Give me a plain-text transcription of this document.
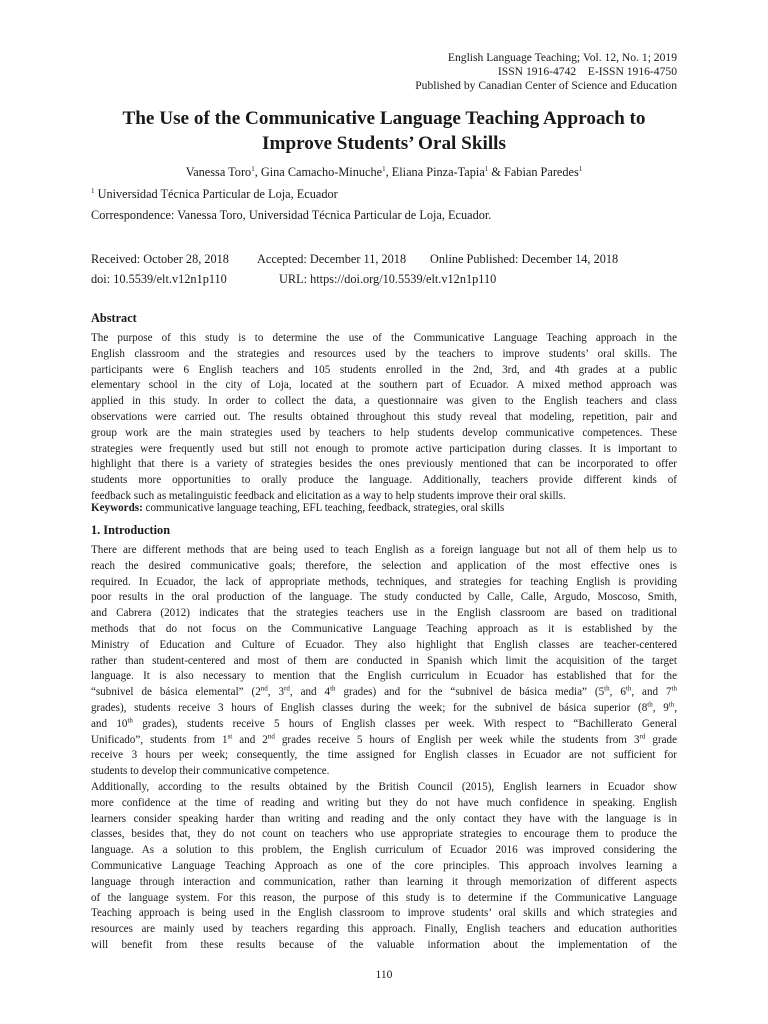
English Language Teaching; Vol. 12, No. 1; 2019
ISSN 1916-4742    E-ISSN 1916-4750
Published by Canadian Center of Science and Education
The Use of the Communicative Language Teaching Approach to
Improve Students’ Oral Skills
Vanessa Toro$^1$, Gina Camacho-Minuche$^1$, Eliana Pinza-Tapia$^1$ & Fabian Paredes$^1$
$^1$ Universidad Técnica Particular de Loja, Ecuador
Correspondence: Vanessa Toro, Universidad Técnica Particular de Loja, Ecuador.
Received: October 28, 2018 Accepted: December 11, 2018 Online Published: December 14, 2018
doi: 10.5539/elt.v12n1p110	URL: https://doi.org/10.5539/elt.v12n1p110
Abstract
The purpose of this study is to determine the use of the Communicative Language Teaching approach in the
English classroom and the strategies and resources used by the teachers to improve students’ oral skills. The
participants were 6 English teachers and 105 students enrolled in the 2nd, 3rd, and 4th grades at a public
elementary school in the city of Loja, located at the southern part of Ecuador. A mixed method approach was
applied in this study. In order to collect the data, a questionnaire was given to the English teachers and class
observations were carried out. The results obtained throughout this study reveal that modeling, repetition, pair and
group work are the main strategies used by teachers to help students develop communicative competences. These
strategies were frequently used but still not enough to promote active participation during classes. It is important to
highlight that there is a variety of strategies besides the ones previously mentioned that can be incorporated to offer
students more opportunities to orally produce the language. Additionally, teachers provide different kinds of
feedback such as metalinguistic feedback and elicitation as a way to help students improve their oral skills.
Keywords: communicative language teaching, EFL teaching, feedback, strategies, oral skills
1. Introduction
There are different methods that are being used to teach English as a foreign language but not all of them help us to
reach the desired communicative goals; therefore, the selection and application of the most effective ones is
required. In Ecuador, the lack of appropriate methods, techniques, and strategies for teaching English is providing
poor results in the oral production of the language. The study conducted by Calle, Calle, Argudo, Moscoso, Smith,
and Cabrera (2012) indicates that the strategies teachers use in the English classroom are based on traditional
methods that do not focus on the Communicative Language Teaching approach as it is established by the
Ministry of Education and Culture of Ecuador. They also highlight that English classes are teacher-centered
rather than student-centered and most of them are conducted in Spanish which limit the acquisition of the target
language. It is also necessary to mention that the English curriculum in Ecuador has established that for the
“subnivel de básica elemental” (2nd, 3rd, and 4th grades) and for the “subnivel de básica media” (5th, 6th, and 7th
grades), students receive 3 hours of English classes during the week; for the subnivel de básica superior (8th, 9th,
and 10th grades), students receive 5 hours of English classes per week. With respect to “Bachillerato General
Unificado”, students from 1st and 2nd grades receive 5 hours of English per week while the students from 3rd grade
receive 3 hours per week; consequently, the time assigned for English classes in Ecuador are not sufficient for
students to develop their communicative competence.
Additionally, according to the results obtained by the British Council (2015), English learners in Ecuador show
more confidence at the time of reading and writing but they do not have much confidence in speaking. English
learners consider speaking harder than writing and reading and the only contact they have with the language is in
classes, besides that, they do not count on teachers who use appropriate strategies to encourage them to produce the
language. As a solution to this problem, the English curriculum of Ecuador 2016 was improved considering the
Communicative Language Teaching Approach as one of the core principles. This approach involves learning a
language through interaction and communication, rather than learning it through memorization of different aspects
of the language system. For this reason, the purpose of this study is to determine if the Communicative Language
Teaching approach is being used in the English classroom to improve students’ oral skills and which strategies and
resources are mainly used by teachers regarding this approach. Finally, English teachers and education authorities
will benefit from these results because of the valuable information about the implementation of the
110
